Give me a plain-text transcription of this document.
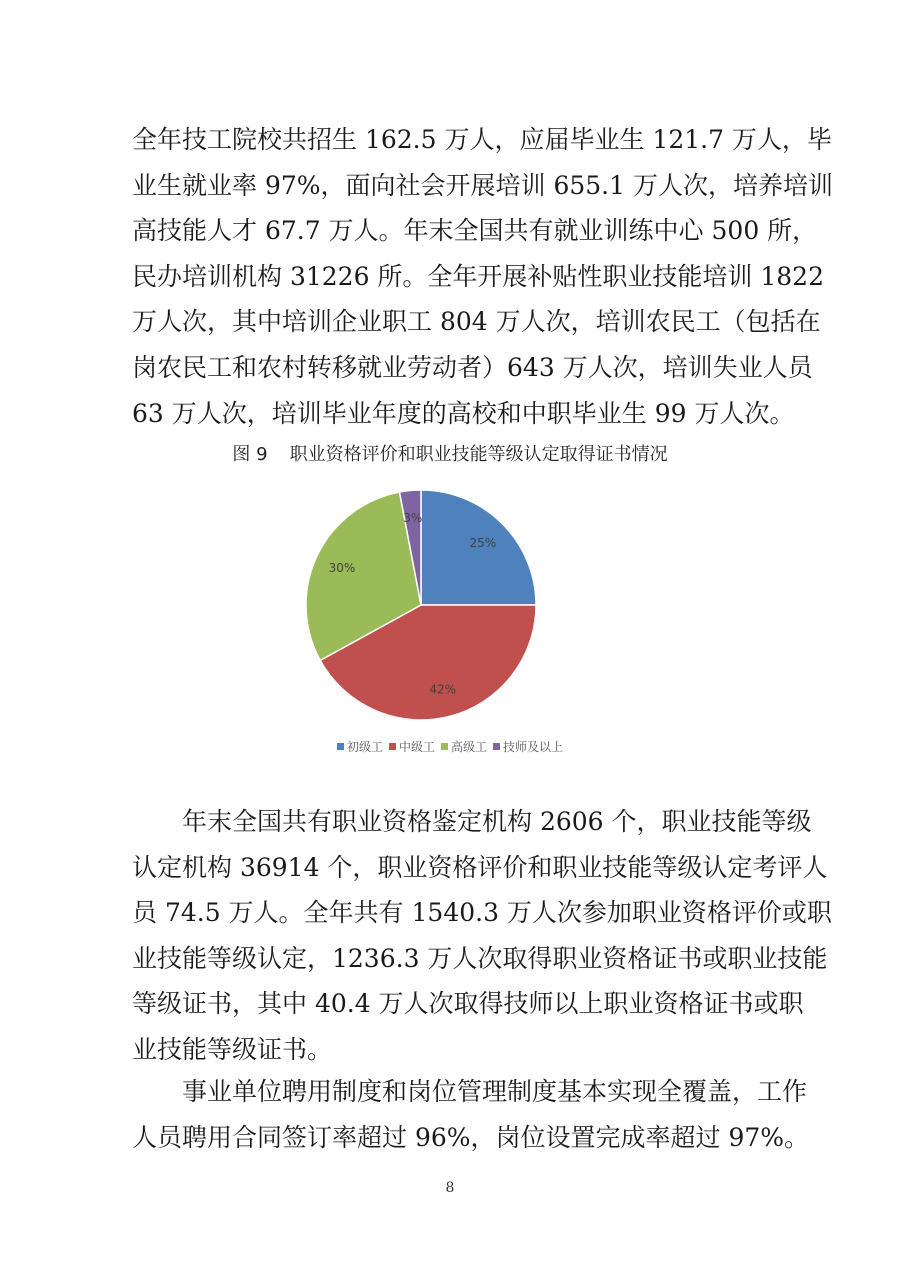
全年技工院校共招生 162.5 万人，应届毕业生 121.7 万人，毕
业生就业率 97%，面向社会开展培训 655.1 万人次，培养培训
高技能人才 67.7 万人。年末全国共有就业训练中心 500 所，
民办培训机构 31226 所。全年开展补贴性职业技能培训 1822
万人次，其中培训企业职工 804 万人次，培训农民工（包括在
岗农民工和农村转移就业劳动者）643 万人次，培训失业人员
63 万人次，培训毕业年度的高校和中职毕业生 99 万人次。
图 9 职业资格评价和职业技能等级认定取得证书情况
25%
42%
30%
3%
初级工 中级工 高级工 技师及以上
年末全国共有职业资格鉴定机构 2606 个，职业技能等级
认定机构 36914 个，职业资格评价和职业技能等级认定考评人
员 74.5 万人。全年共有 1540.3 万人次参加职业资格评价或职
业技能等级认定，1236.3 万人次取得职业资格证书或职业技能
等级证书，其中 40.4 万人次取得技师以上职业资格证书或职
业技能等级证书。
事业单位聘用制度和岗位管理制度基本实现全覆盖，工作
人员聘用合同签订率超过 96%，岗位设置完成率超过 97%。
8
